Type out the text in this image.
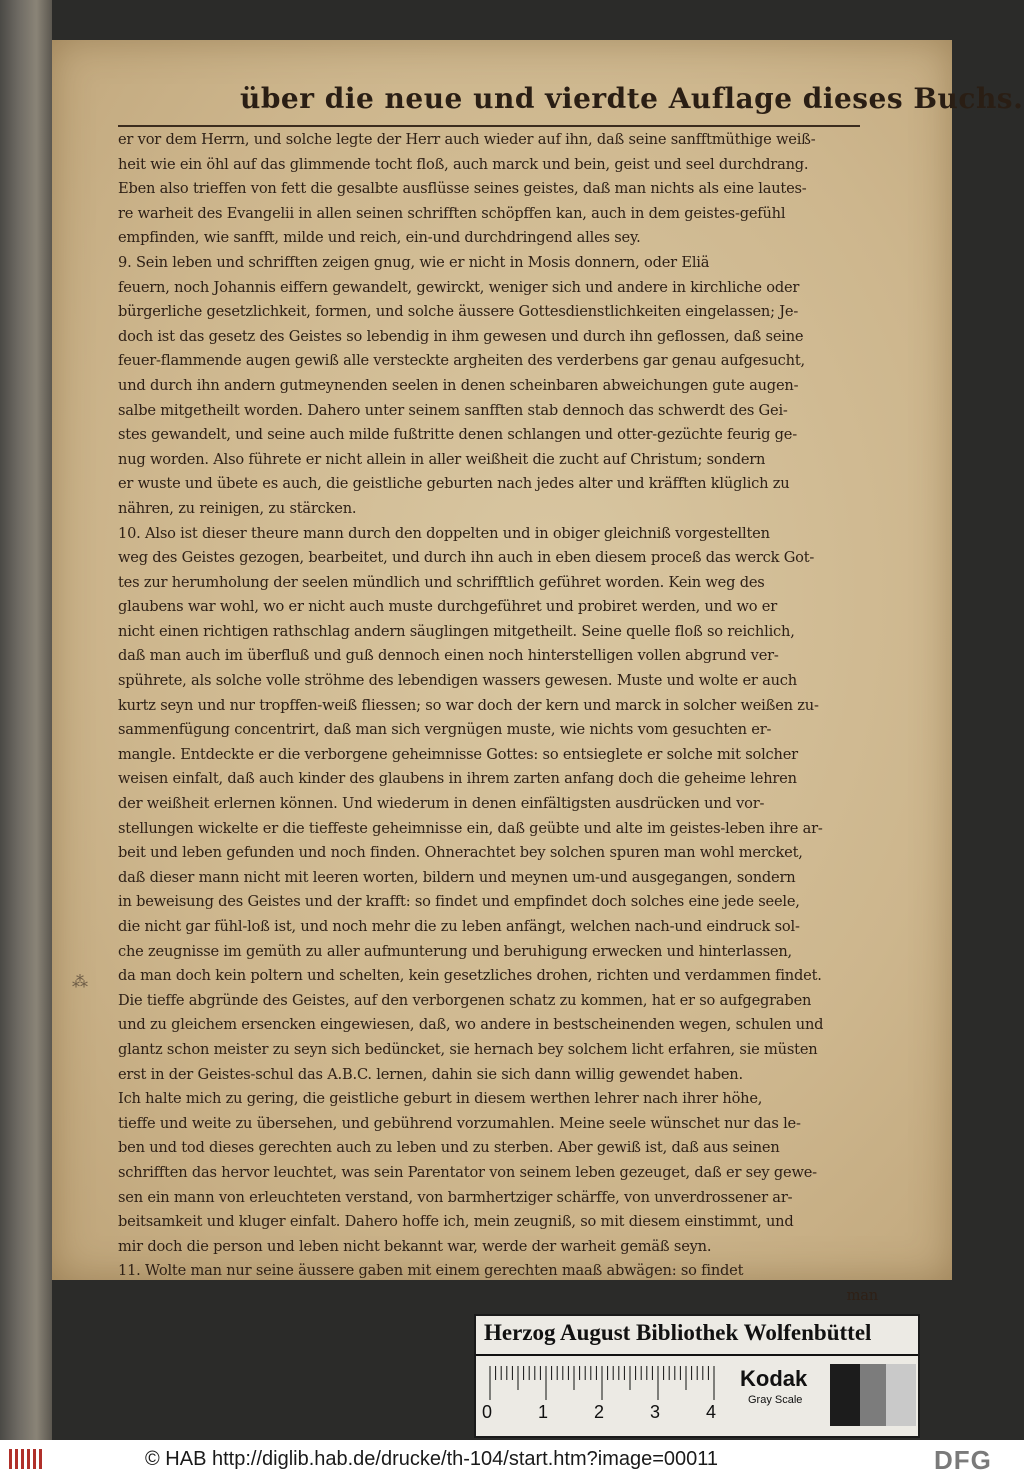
über die neue und vierdte Auflage dieses Buchs.
er vor dem Herrn, und solche legte der Herr auch wieder auf ihn, daß seine sanfftmüthige weiß-
heit wie ein öhl auf das glimmende tocht floß, auch marck und bein, geist und seel durchdrang.
Eben also trieffen von fett die gesalbte ausflüsse seines geistes, daß man nichts als eine lautes-
re warheit des Evangelii in allen seinen schrifften schöpffen kan, auch in dem geistes-gefühl
empfinden, wie sanfft, milde und reich, ein-und durchdringend alles sey.
9. Sein leben und schrifften zeigen gnug, wie er nicht in Mosis donnern, oder Eliä
feuern, noch Johannis eiffern gewandelt, gewirckt, weniger sich und andere in kirchliche oder
bürgerliche gesetzlichkeit, formen, und solche äussere Gottesdienstlichkeiten eingelassen; Je-
doch ist das gesetz des Geistes so lebendig in ihm gewesen und durch ihn geflossen, daß seine
feuer-flammende augen gewiß alle versteckte argheiten des verderbens gar genau aufgesucht,
und durch ihn andern gutmeynenden seelen in denen scheinbaren abweichungen gute augen-
salbe mitgetheilt worden. Dahero unter seinem sanfften stab dennoch das schwerdt des Gei-
stes gewandelt, und seine auch milde fußtritte denen schlangen und otter-gezüchte feurig ge-
nug worden. Also führete er nicht allein in aller weißheit die zucht auf Christum; sondern
er wuste und übete es auch, die geistliche geburten nach jedes alter und kräfften klüglich zu
nähren, zu reinigen, zu stärcken.
10. Also ist dieser theure mann durch den doppelten und in obiger gleichniß vorgestellten
weg des Geistes gezogen, bearbeitet, und durch ihn auch in eben diesem proceß das werck Got-
tes zur herumholung der seelen mündlich und schrifftlich geführet worden. Kein weg des
glaubens war wohl, wo er nicht auch muste durchgeführet und probiret werden, und wo er
nicht einen richtigen rathschlag andern säuglingen mitgetheilt. Seine quelle floß so reichlich,
daß man auch im überfluß und guß dennoch einen noch hinterstelligen vollen abgrund ver-
spührete, als solche volle ströhme des lebendigen wassers gewesen. Muste und wolte er auch
kurtz seyn und nur tropffen-weiß fliessen; so war doch der kern und marck in solcher weißen zu-
sammenfügung concentrirt, daß man sich vergnügen muste, wie nichts vom gesuchten er-
mangle. Entdeckte er die verborgene geheimnisse Gottes: so entsieglete er solche mit solcher
weisen einfalt, daß auch kinder des glaubens in ihrem zarten anfang doch die geheime lehren
der weißheit erlernen können. Und wiederum in denen einfältigsten ausdrücken und vor-
stellungen wickelte er die tieffeste geheimnisse ein, daß geübte und alte im geistes-leben ihre ar-
beit und leben gefunden und noch finden. Ohnerachtet bey solchen spuren man wohl mercket,
daß dieser mann nicht mit leeren worten, bildern und meynen um-und ausgegangen, sondern
in beweisung des Geistes und der krafft: so findet und empfindet doch solches eine jede seele,
die nicht gar fühl-loß ist, und noch mehr die zu leben anfängt, welchen nach-und eindruck sol-
che zeugnisse im gemüth zu aller aufmunterung und beruhigung erwecken und hinterlassen,
da man doch kein poltern und schelten, kein gesetzliches drohen, richten und verdammen findet.
Die tieffe abgründe des Geistes, auf den verborgenen schatz zu kommen, hat er so aufgegraben
und zu gleichem ersencken eingewiesen, daß, wo andere in bestscheinenden wegen, schulen und
glantz schon meister zu seyn sich bedüncket, sie hernach bey solchem licht erfahren, sie müsten
erst in der Geistes-schul das A.B.C. lernen, dahin sie sich dann willig gewendet haben.
Ich halte mich zu gering, die geistliche geburt in diesem werthen lehrer nach ihrer höhe,
tieffe und weite zu übersehen, und gebührend vorzumahlen. Meine seele wünschet nur das le-
ben und tod dieses gerechten auch zu leben und zu sterben. Aber gewiß ist, daß aus seinen
schrifften das hervor leuchtet, was sein Parentator von seinem leben gezeuget, daß er sey gewe-
sen ein mann von erleuchteten verstand, von barmhertziger schärffe, von unverdrossener ar-
beitsamkeit und kluger einfalt. Dahero hoffe ich, mein zeugniß, so mit diesem einstimmt, und
mir doch die person und leben nicht bekannt war, werde der warheit gemäß seyn.
11. Wolte man nur seine äussere gaben mit einem gerechten maaß abwägen: so findet
man
⁂
Herzog August Bibliothek Wolfenbüttel
0	1	2	3	4
Kodak
Gray Scale
© HAB http://diglib.hab.de/drucke/th-104/start.htm?image=00011	DFG
